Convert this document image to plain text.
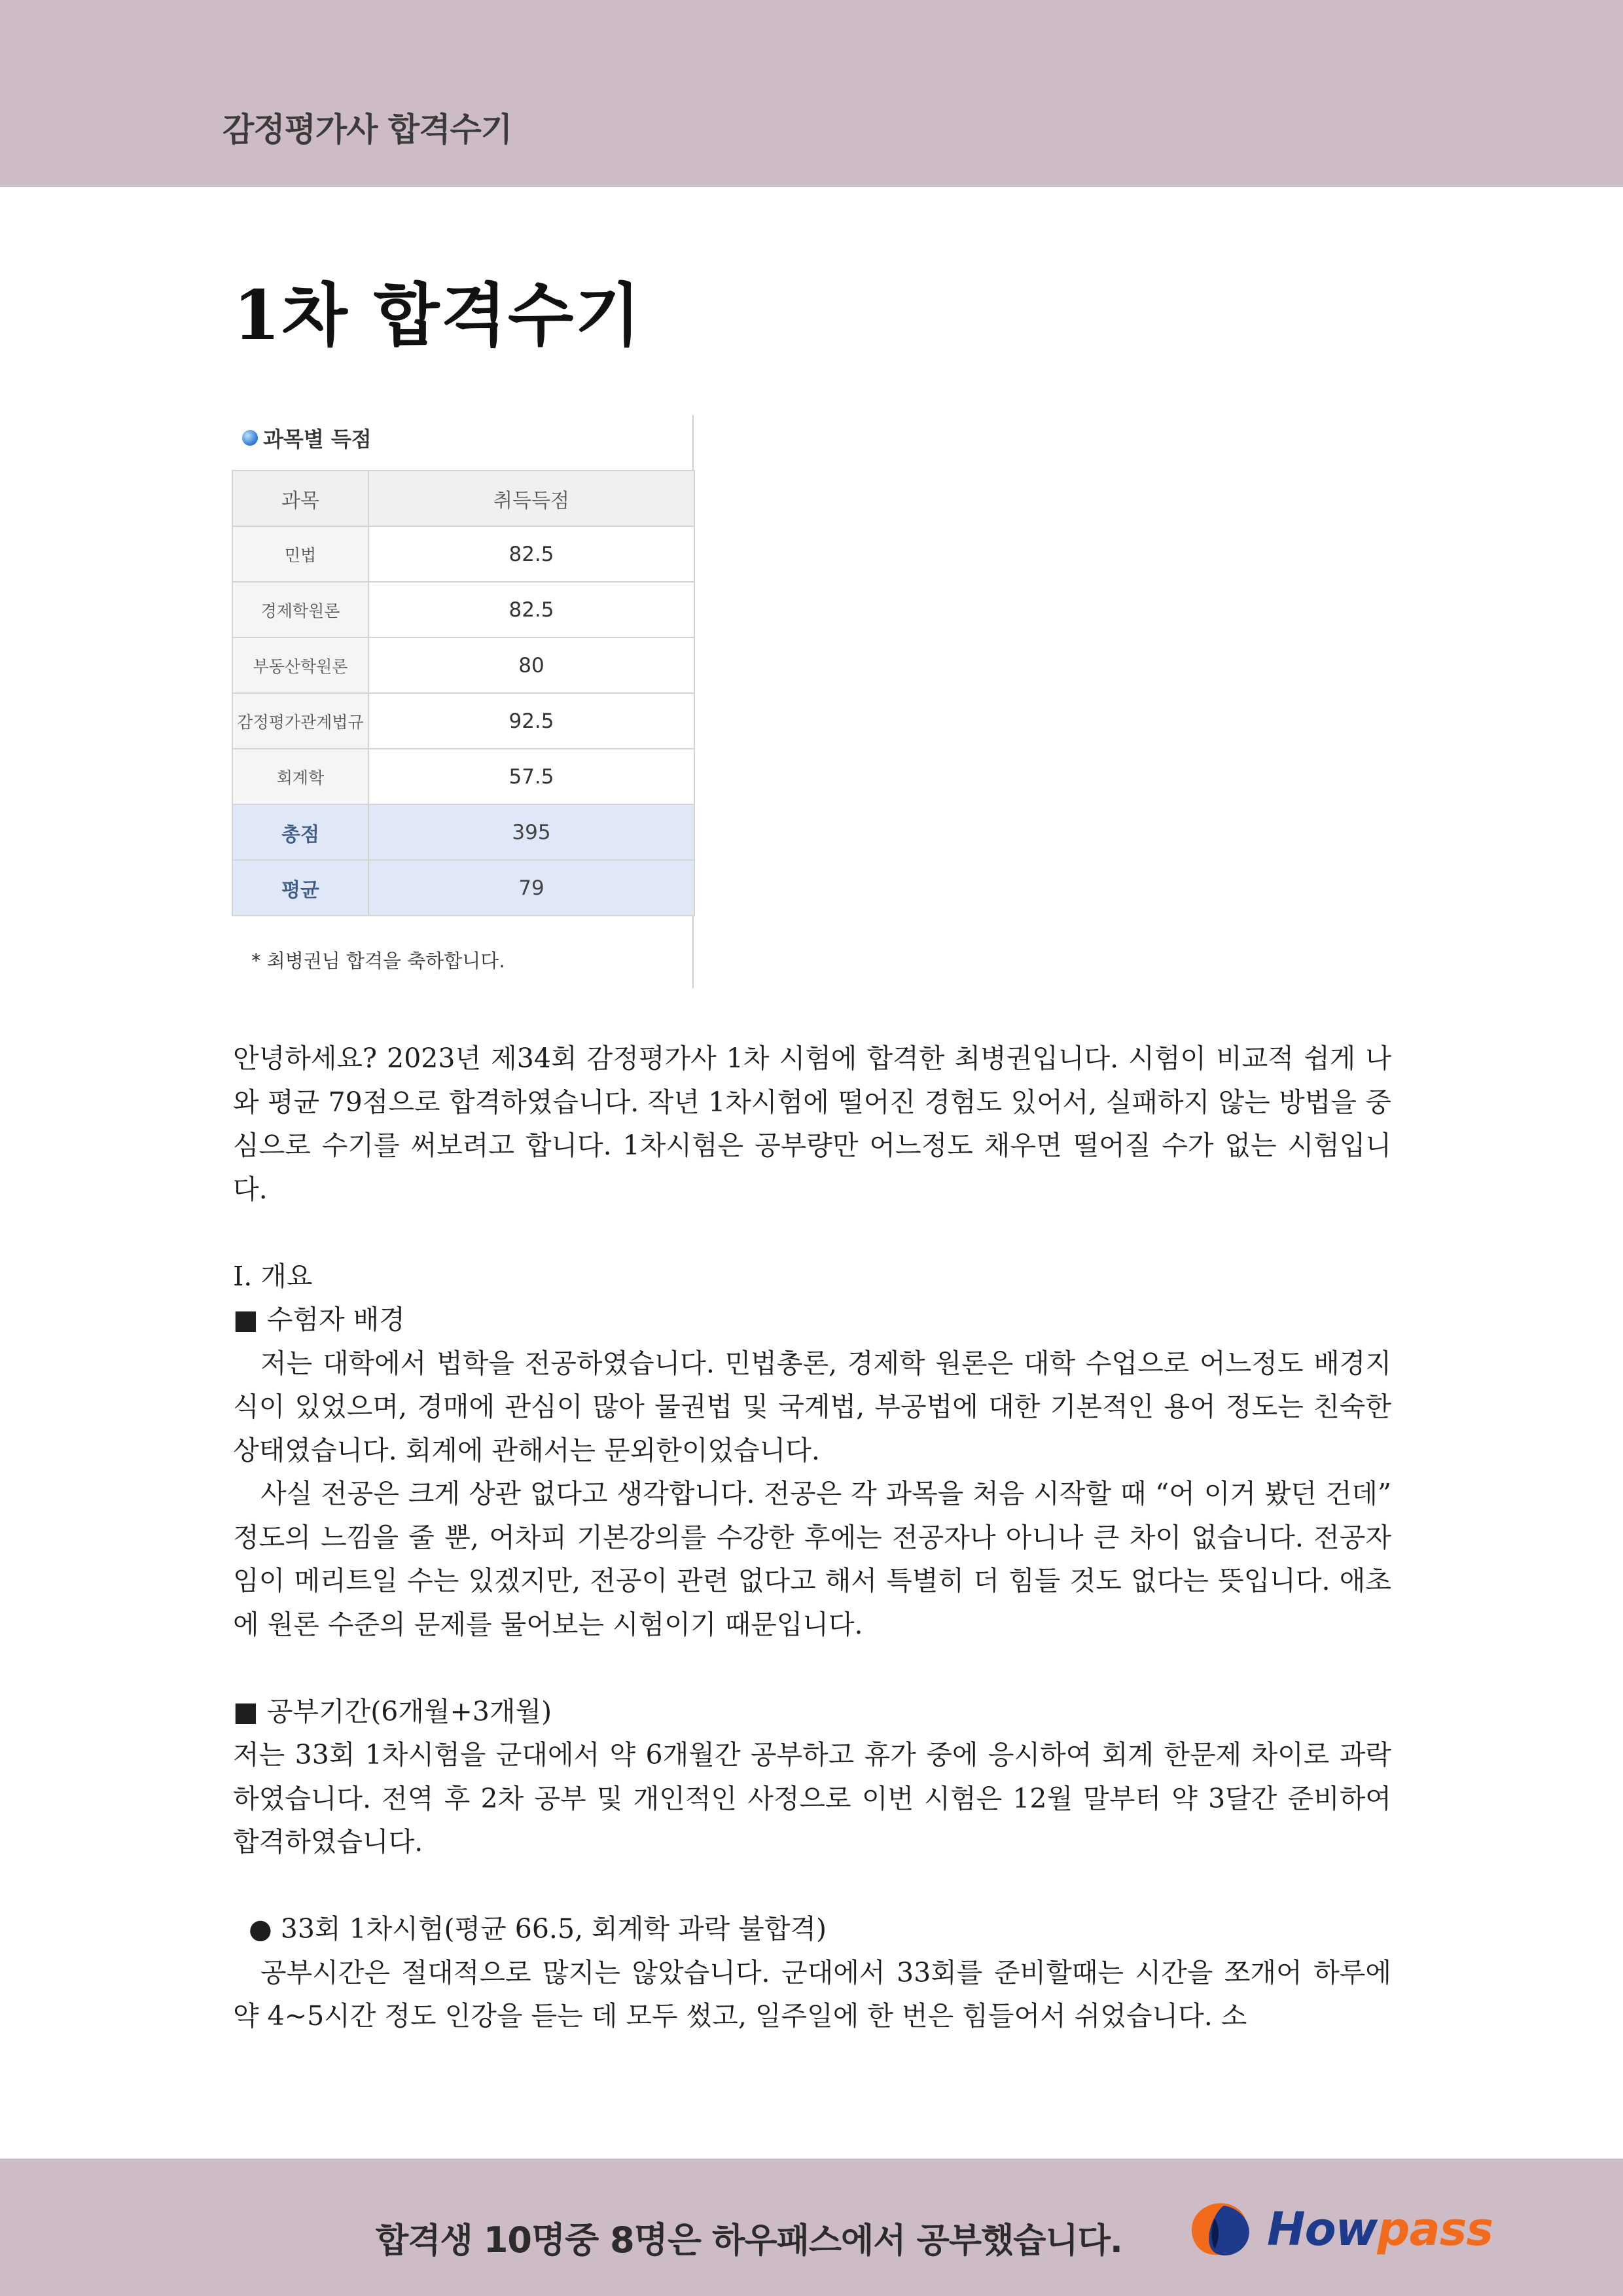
감정평가사 합격수기
1차 합격수기
과목별 득점
과목	취득득점
민법	82.5
경제학원론	82.5
부동산학원론	80
감정평가관계법규	92.5
회계학	57.5
총점	395
평균	79
* 최병권님 합격을 축하합니다.

안녕하세요? 2023년 제34회 감정평가사 1차 시험에 합격한 최병권입니다. 시험이 비교적 쉽게 나와 평균 79점으로 합격하였습니다. 작년 1차시험에 떨어진 경험도 있어서, 실패하지 않는 방법을 중심으로 수기를 써보려고 합니다. 1차시험은 공부량만 어느정도 채우면 떨어질 수가 없는 시험입니다.

I. 개요

■ 수험자 배경

저는 대학에서 법학을 전공하였습니다. 민법총론, 경제학 원론은 대학 수업으로 어느정도 배경지식이 있었으며, 경매에 관심이 많아 물권법 및 국계법, 부공법에 대한 기본적인 용어 정도는 친숙한 상태였습니다. 회계에 관해서는 문외한이었습니다.

사실 전공은 크게 상관 없다고 생각합니다. 전공은 각 과목을 처음 시작할 때 “어 이거 봤던 건데” 정도의 느낌을 줄 뿐, 어차피 기본강의를 수강한 후에는 전공자나 아니나 큰 차이 없습니다. 전공자임이 메리트일 수는 있겠지만, 전공이 관련 없다고 해서 특별히 더 힘들 것도 없다는 뜻입니다. 애초에 원론 수준의 문제를 물어보는 시험이기 때문입니다.

■ 공부기간(6개월+3개월)

저는 33회 1차시험을 군대에서 약 6개월간 공부하고 휴가 중에 응시하여 회계 한문제 차이로 과락하였습니다. 전역 후 2차 공부 및 개인적인 사정으로 이번 시험은 12월 말부터 약 3달간 준비하여 합격하였습니다.

● 33회 1차시험(평균 66.5, 회계학 과락 불합격)

공부시간은 절대적으로 많지는 않았습니다. 군대에서 33회를 준비할때는 시간을 쪼개어 하루에 약 4~5시간 정도 인강을 듣는 데 모두 썼고, 일주일에 한 번은 힘들어서 쉬었습니다. 소

합격생 10명중 8명은 하우패스에서 공부했습니다.	Howpass
